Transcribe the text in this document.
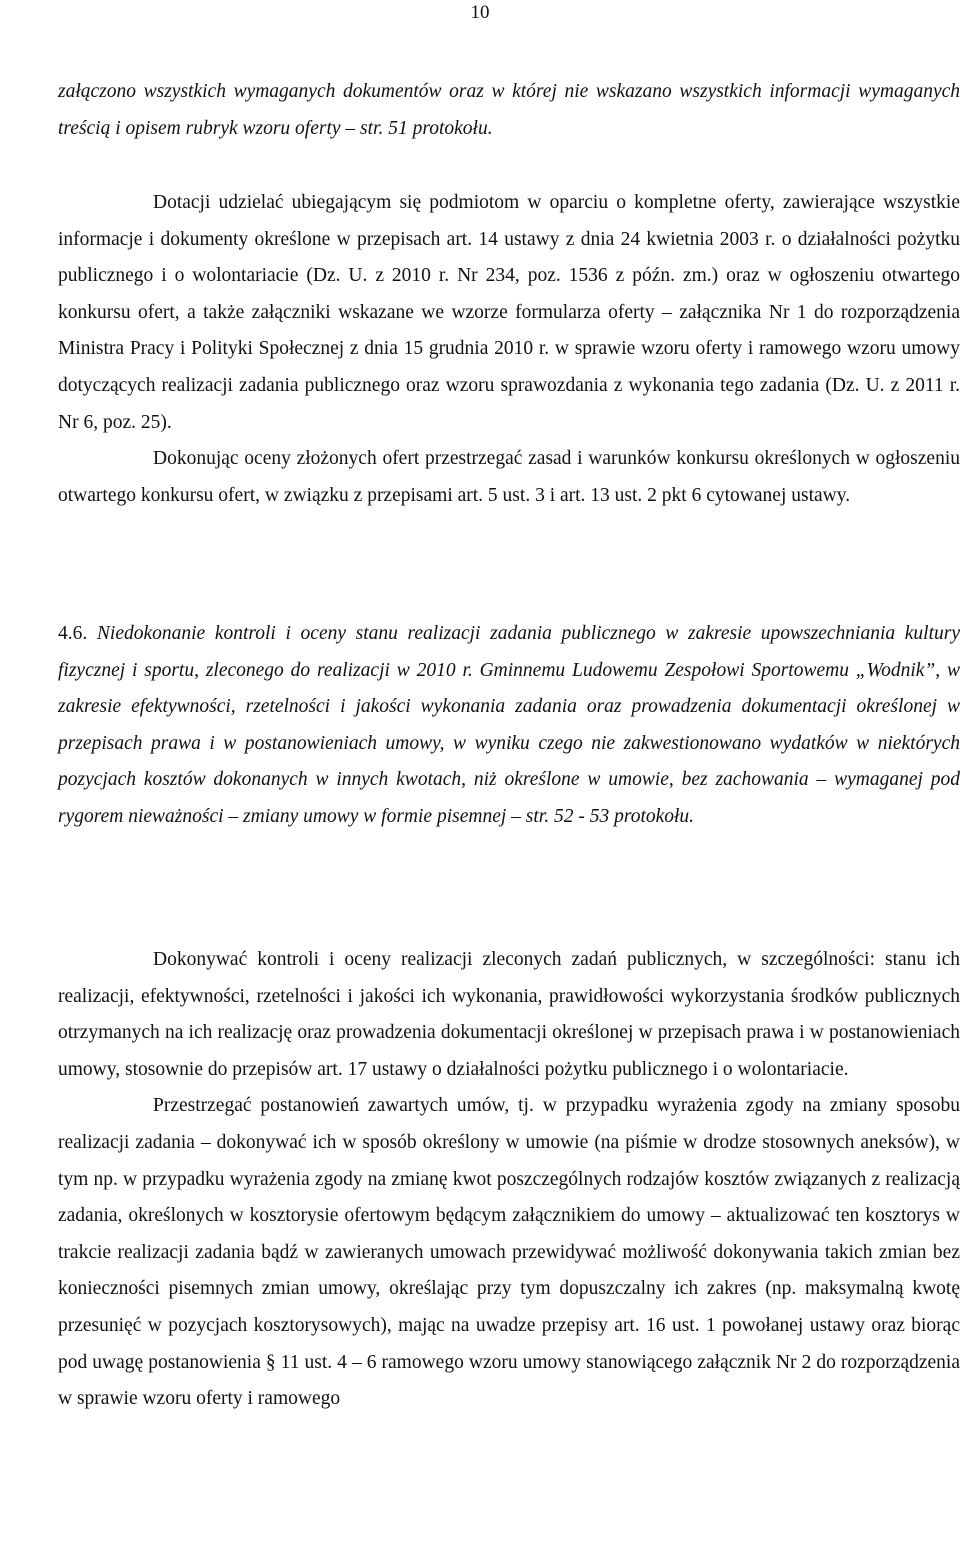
10

załączono wszystkich wymaganych dokumentów oraz w której nie wskazano wszystkich informacji wymaganych treścią i opisem rubryk wzoru oferty – str. 51 protokołu.

Dotacji udzielać ubiegającym się podmiotom w oparciu o kompletne oferty, zawierające wszystkie informacje i dokumenty określone w przepisach art. 14 ustawy z dnia 24 kwietnia 2003 r. o działalności pożytku publicznego i o wolontariacie (Dz. U. z 2010 r. Nr 234, poz. 1536 z późn. zm.) oraz w ogłoszeniu otwartego konkursu ofert, a także załączniki wskazane we wzorze formularza oferty – załącznika Nr 1 do rozporządzenia Ministra Pracy i Polityki Społecznej z dnia 15 grudnia 2010 r. w sprawie wzoru oferty i ramowego wzoru umowy dotyczących realizacji zadania publicznego oraz wzoru sprawozdania z wykonania tego zadania (Dz. U. z 2011 r. Nr 6, poz. 25).

Dokonując oceny złożonych ofert przestrzegać zasad i warunków konkursu określonych w ogłoszeniu otwartego konkursu ofert, w związku z przepisami art. 5 ust. 3 i art. 13 ust. 2 pkt 6 cytowanej ustawy.

4.6. Niedokonanie kontroli i oceny stanu realizacji zadania publicznego w zakresie upowszechniania kultury fizycznej i sportu, zleconego do realizacji w 2010 r. Gminnemu Ludowemu Zespołowi Sportowemu „Wodnik”, w zakresie efektywności, rzetelności i jakości wykonania zadania oraz prowadzenia dokumentacji określonej w przepisach prawa i w postanowieniach umowy, w wyniku czego nie zakwestionowano wydatków w niektórych pozycjach kosztów dokonanych w innych kwotach, niż określone w umowie, bez zachowania – wymaganej pod rygorem nieważności – zmiany umowy w formie pisemnej – str. 52 - 53 protokołu.

Dokonywać kontroli i oceny realizacji zleconych zadań publicznych, w szczególności: stanu ich realizacji, efektywności, rzetelności i jakości ich wykonania, prawidłowości wykorzystania środków publicznych otrzymanych na ich realizację oraz prowadzenia dokumentacji określonej w przepisach prawa i w postanowieniach umowy, stosownie do przepisów art. 17 ustawy o działalności pożytku publicznego i o wolontariacie.

Przestrzegać postanowień zawartych umów, tj. w przypadku wyrażenia zgody na zmiany sposobu realizacji zadania – dokonywać ich w sposób określony w umowie (na piśmie w drodze stosownych aneksów), w tym np. w przypadku wyrażenia zgody na zmianę kwot poszczególnych rodzajów kosztów związanych z realizacją zadania, określonych w kosztorysie ofertowym będącym załącznikiem do umowy – aktualizować ten kosztorys w trakcie realizacji zadania bądź w zawieranych umowach przewidywać możliwość dokonywania takich zmian bez konieczności pisemnych zmian umowy, określając przy tym dopuszczalny ich zakres (np. maksymalną kwotę przesunięć w pozycjach kosztorysowych), mając na uwadze przepisy art. 16 ust. 1 powołanej ustawy oraz biorąc pod uwagę postanowienia § 11 ust. 4 – 6 ramowego wzoru umowy stanowiącego załącznik Nr 2 do rozporządzenia w sprawie wzoru oferty i ramowego
